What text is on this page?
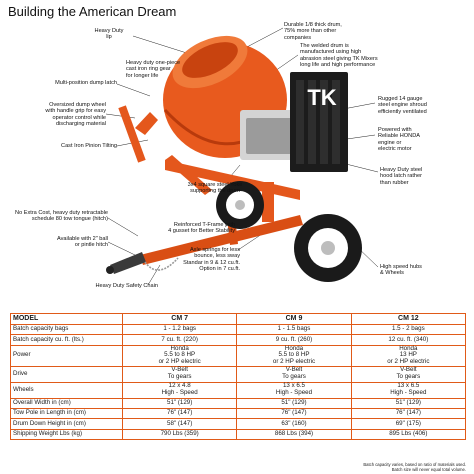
Building the American Dream
TK
Heavy Duty
lip
Durable 1/8 thick drum,
75% more than other
companies
Heavy duty one-piece
cast iron ring gear
for longer life
The welded drum is
manufactured using high
abrasion steel giving TK Mixers
long life and high performance
Multi-position dump latch
Rugged 14 gauge
steel engine shroud
efficiently ventilated
Oversized dump wheel
with handle grip for easy
operator control while
discharging material
Powered with
Reliable HONDA
engine or
electric motor
Cast Iron Pinion Tilting
Heavy Duty steel
hood latch rather
than rubber
3x4 square steel Yoke
supporting the drum
No Extra Cost, heavy duty retractable
schedule 80 tow tongue (hitch)
Available with 2" ball
or pintle hitch
Reinforced T-Frame with
4 gusset for Better Stability
Axle springs for less
bounce, less sway
Standar in 9 & 12 cu.ft.
Option in 7 cu.ft.	High speed hubs
& Wheels
Heavy Duty Safety Chain
MODEL	CM 7	CM 9	CM 12
Batch capacity bags	1 - 1.2 bags	1 - 1.5 bags	1.5 - 2 bags
Batch capacity cu. ft. (lts.)	7 cu. ft. (220)	9 cu. ft. (260)	12 cu. ft. (340)
Power	Honda
5.5 to 8 HP
or 2 HP electric	Honda
5.5 to 8 HP
or 2 HP electric	Honda
13 HP
or 2 HP electric
Drive	V-Belt
To gears	V-Belt
To gears	V-Belt
To gears
Wheels	12 x 4.8
High - Speed	13 x 6.5
High - Speed	13 x 6.5
High - Speed
Overall Width in (cm)	51" (129)	51" (129)	51" (129)
Tow Pole in Length in (cm)	76" (147)	76" (147)	76" (147)
Drum Down Height in (cm)	58" (147)	63" (160)	69" (175)
Shipping Weight Lbs (kg)	790 Lbs (359)	868 Lbs (394)	895 Lbs (406)
Batch capacity varies, based on ratio of materials used.
Batch size will never equal total volume.
